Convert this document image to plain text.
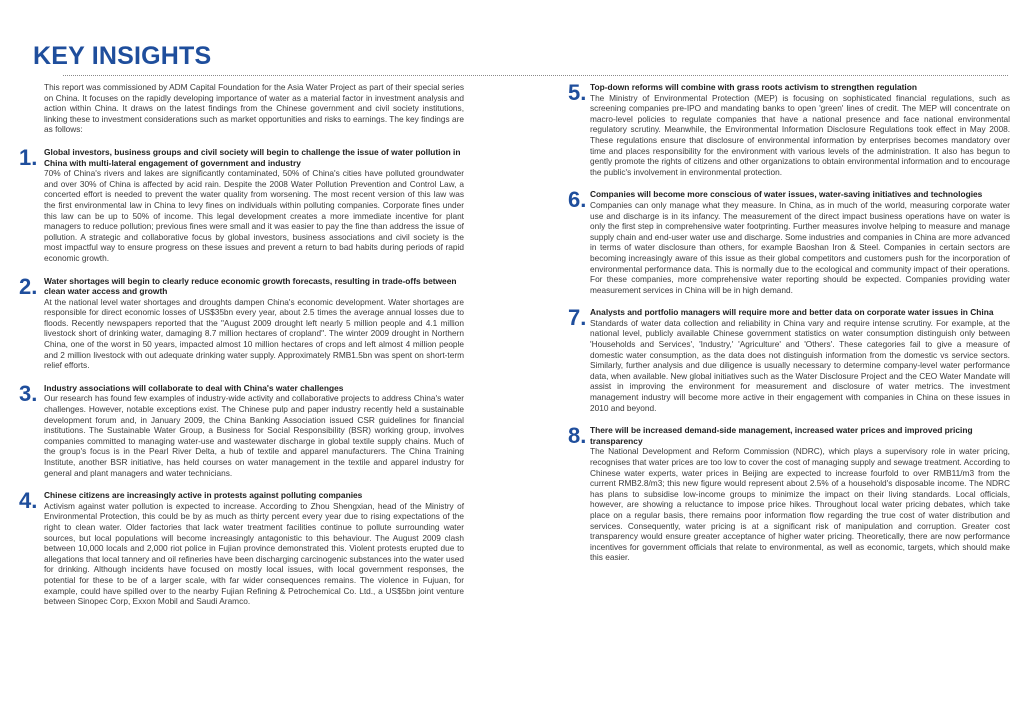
KEY INSIGHTS

This report was commissioned by ADM Capital Foundation for the Asia Water Project as part of their special series on China. It focuses on the rapidly developing importance of water as a material factor in investment analysis and action within China. It draws on the latest findings from the Chinese government and civil society institutions, linking these to investment considerations such as market opportunities and risks to earnings. The key findings are as follows:

1. Global investors, business groups and civil society will begin to challenge the issue of water pollution in China with multi-lateral engagement of government and industry

70% of China's rivers and lakes are significantly contaminated, 50% of China's cities have polluted groundwater and over 30% of China is affected by acid rain. Despite the 2008 Water Pollution Prevention and Control Law, a concerted effort is needed to prevent the water quality from worsening. The most recent version of this law was the first environmental law in China to levy fines on individuals within polluting companies. Corporate fines under this law can be up to 50% of income. This legal development creates a more immediate incentive for plant managers to reduce pollution; previous fines were small and it was easier to pay the fine than address the issue of pollution. A strategic and collaborative focus by global investors, business associations and civil society is the most impactful way to ensure progress on these issues and prevent a return to bad habits during periods of rapid economic growth.

2. Water shortages will begin to clearly reduce economic growth forecasts, resulting in trade-offs between clean water access and growth

At the national level water shortages and droughts dampen China's economic development. Water shortages are responsible for direct economic losses of US$35bn every year, about 2.5 times the average annual losses due to floods. Recently newspapers reported that the "August 2009 drought left nearly 5 million people and 4.1 million livestock short of drinking water, damaging 8.7 million hectares of cropland". The winter 2009 drought in Northern China, one of the worst in 50 years, impacted almost 10 million hectares of crops and left almost 4 million people and 2 million livestock with out adequate drinking water supply. Approximately RMB1.5bn was spent on short-term relief efforts.

3. Industry associations will collaborate to deal with China's water challenges

Our research has found few examples of industry-wide activity and collaborative projects to address China's water challenges. However, notable exceptions exist. The Chinese pulp and paper industry recently held a sustainable development forum and, in January 2009, the China Banking Association issued CSR guidelines for financial institutions. The Sustainable Water Group, a Business for Social Responsibility (BSR) working group, involves companies committed to managing water-use and wastewater discharge in global textile supply chains. Much of the group's focus is in the Pearl River Delta, a hub of textile and apparel manufacturers. The China Training Institute, another BSR initiative, has held courses on water management in the textile and apparel industry for general and plant managers and water technicians.

4. Chinese citizens are increasingly active in protests against polluting companies

Activism against water pollution is expected to increase. According to Zhou Shengxian, head of the Ministry of Environmental Protection, this could be by as much as thirty percent every year due to rising expectations of the right to clean water. Older factories that lack water treatment facilities continue to pollute surrounding water sources, but local populations will become increasingly antagonistic to this behaviour. The August 2009 clash between 10,000 locals and 2,000 riot police in Fujian province demonstrated this. Violent protests erupted due to allegations that local tannery and oil refineries have been discharging carcinogenic substances into the water used for drinking. Although incidents have focused on mostly local issues, with local government responses, the potential for these to be of a larger scale, with far wider consequences remains. The violence in Fujuan, for example, could have spilled over to the nearby Fujian Refining & Petrochemical Co. Ltd., a US$5bn joint venture between Sinopec Corp, Exxon Mobil and Saudi Aramco.

5. Top-down reforms will combine with grass roots activism to strengthen regulation

The Ministry of Environmental Protection (MEP) is focusing on sophisticated financial regulations, such as screening companies pre-IPO and mandating banks to open 'green' lines of credit. The MEP will concentrate on macro-level policies to regulate companies that have a national presence and face national environmental regulatory scrutiny. Meanwhile, the Environmental Information Disclosure Regulations took effect in May 2008. These regulations ensure that disclosure of environmental information by enterprises becomes mandatory over time and places responsibility for the environment with various levels of the administration. It also has begun to gently promote the rights of citizens and other organizations to obtain environmental information and to encourage the public's involvement in environmental protection.

6. Companies will become more conscious of water issues, water-saving initiatives and technologies

Companies can only manage what they measure. In China, as in much of the world, measuring corporate water use and discharge is in its infancy. The measurement of the direct impact business operations have on water is only the first step in comprehensive water footprinting. Further measures involve helping to measure and manage supply chain and end-user water use and discharge. Some industries and companies in China are more advanced in terms of water disclosure than others, for example Baoshan Iron & Steel. Companies in certain sectors are becoming increasingly aware of this issue as their global competitors and customers push for the incorporation of environmental performance data. This is normally due to the ecological and community impact of their operations. For these companies, more comprehensive water reporting should be expected. Companies providing water measurement services in China will be in high demand.

7. Analysts and portfolio managers will require more and better data on corporate water issues in China

Standards of water data collection and reliability in China vary and require intense scrutiny. For example, at the national level, publicly available Chinese government statistics on water consumption distinguish only between 'Households and Services', 'Industry,' 'Agriculture' and 'Others'. These categories fail to give a measure of domestic water consumption, as the data does not distinguish information from the domestic vs service sectors. Similarly, further analysis and due diligence is usually necessary to determine company-level water performance data, when available. New global initiatives such as the Water Disclosure Project and the CEO Water Mandate will assist in improving the environment for measurement and disclosure of water metrics. The investment management industry will become more active in their engagement with companies in China on these issues in 2010 and beyond.

8. There will be increased demand-side management, increased water prices and improved pricing transparency

The National Development and Reform Commission (NDRC), which plays a supervisory role in water pricing, recognises that water prices are too low to cover the cost of managing supply and sewage treatment. According to Chinese water experts, water prices in Beijing are expected to increase fourfold to over RMB11/m3 from the current RMB2.8/m3; this new figure would represent about 2.5% of a household's disposable income. The NDRC has plans to subsidise low-income groups to minimize the impact on their living standards. Local officials, however, are showing a reluctance to impose price hikes. Throughout local water pricing debates, which take place on a regular basis, there remains poor information flow regarding the true cost of water distribution and services. Consequently, water pricing is at a significant risk of manipulation and corruption. Greater cost transparency would ensure greater acceptance of higher water pricing. Theoretically, there are now performance incentives for government officials that relate to environmental, as well as economic, targets, which should make this easier.
